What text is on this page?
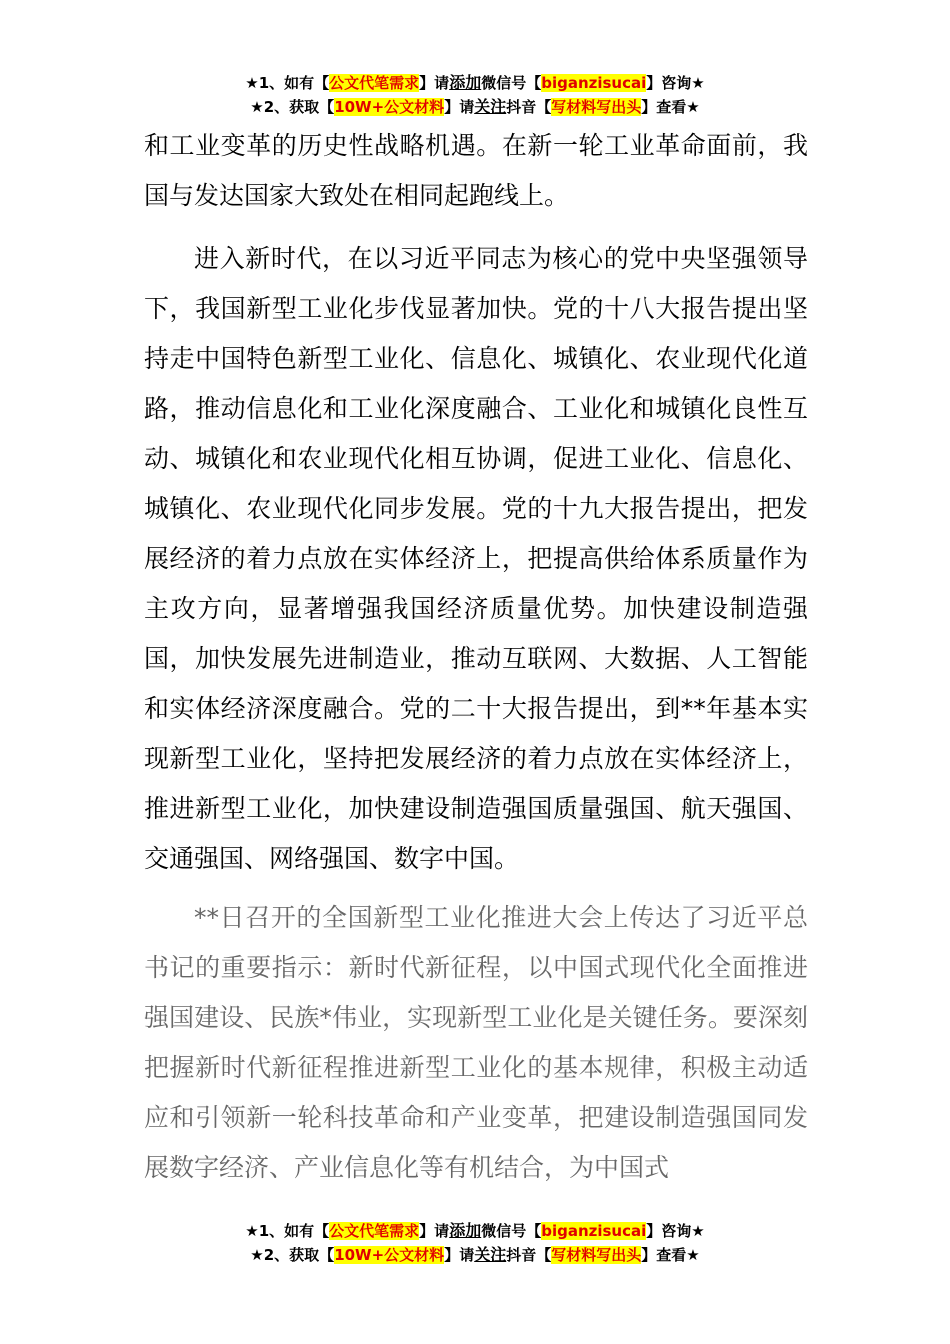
★1、如有【公文代笔需求】请添加微信号【biganzisucai】咨询★
★2、获取【10W+公文材料】请关注抖音【写材料写出头】查看★

和工业变革的历史性战略机遇。在新一轮工业革命面前，我国与发达国家大致处在相同起跑线上。

进入新时代，在以习近平同志为核心的党中央坚强领导下，我国新型工业化步伐显著加快。党的十八大报告提出坚持走中国特色新型工业化、信息化、城镇化、农业现代化道路，推动信息化和工业化深度融合、工业化和城镇化良性互动、城镇化和农业现代化相互协调，促进工业化、信息化、城镇化、农业现代化同步发展。党的十九大报告提出，把发展经济的着力点放在实体经济上，把提高供给体系质量作为主攻方向，显著增强我国经济质量优势。加快建设制造强国，加快发展先进制造业，推动互联网、大数据、人工智能和实体经济深度融合。党的二十大报告提出，到**年基本实现新型工业化，坚持把发展经济的着力点放在实体经济上，推进新型工业化，加快建设制造强国质量强国、航天强国、交通强国、网络强国、数字中国。

**日召开的全国新型工业化推进大会上传达了习近平总书记的重要指示：新时代新征程，以中国式现代化全面推进强国建设、民族*伟业，实现新型工业化是关键任务。要深刻把握新时代新征程推进新型工业化的基本规律，积极主动适应和引领新一轮科技革命和产业变革，把建设制造强国同发展数字经济、产业信息化等有机结合，为中国式

★1、如有【公文代笔需求】请添加微信号【biganzisucai】咨询★
★2、获取【10W+公文材料】请关注抖音【写材料写出头】查看★
